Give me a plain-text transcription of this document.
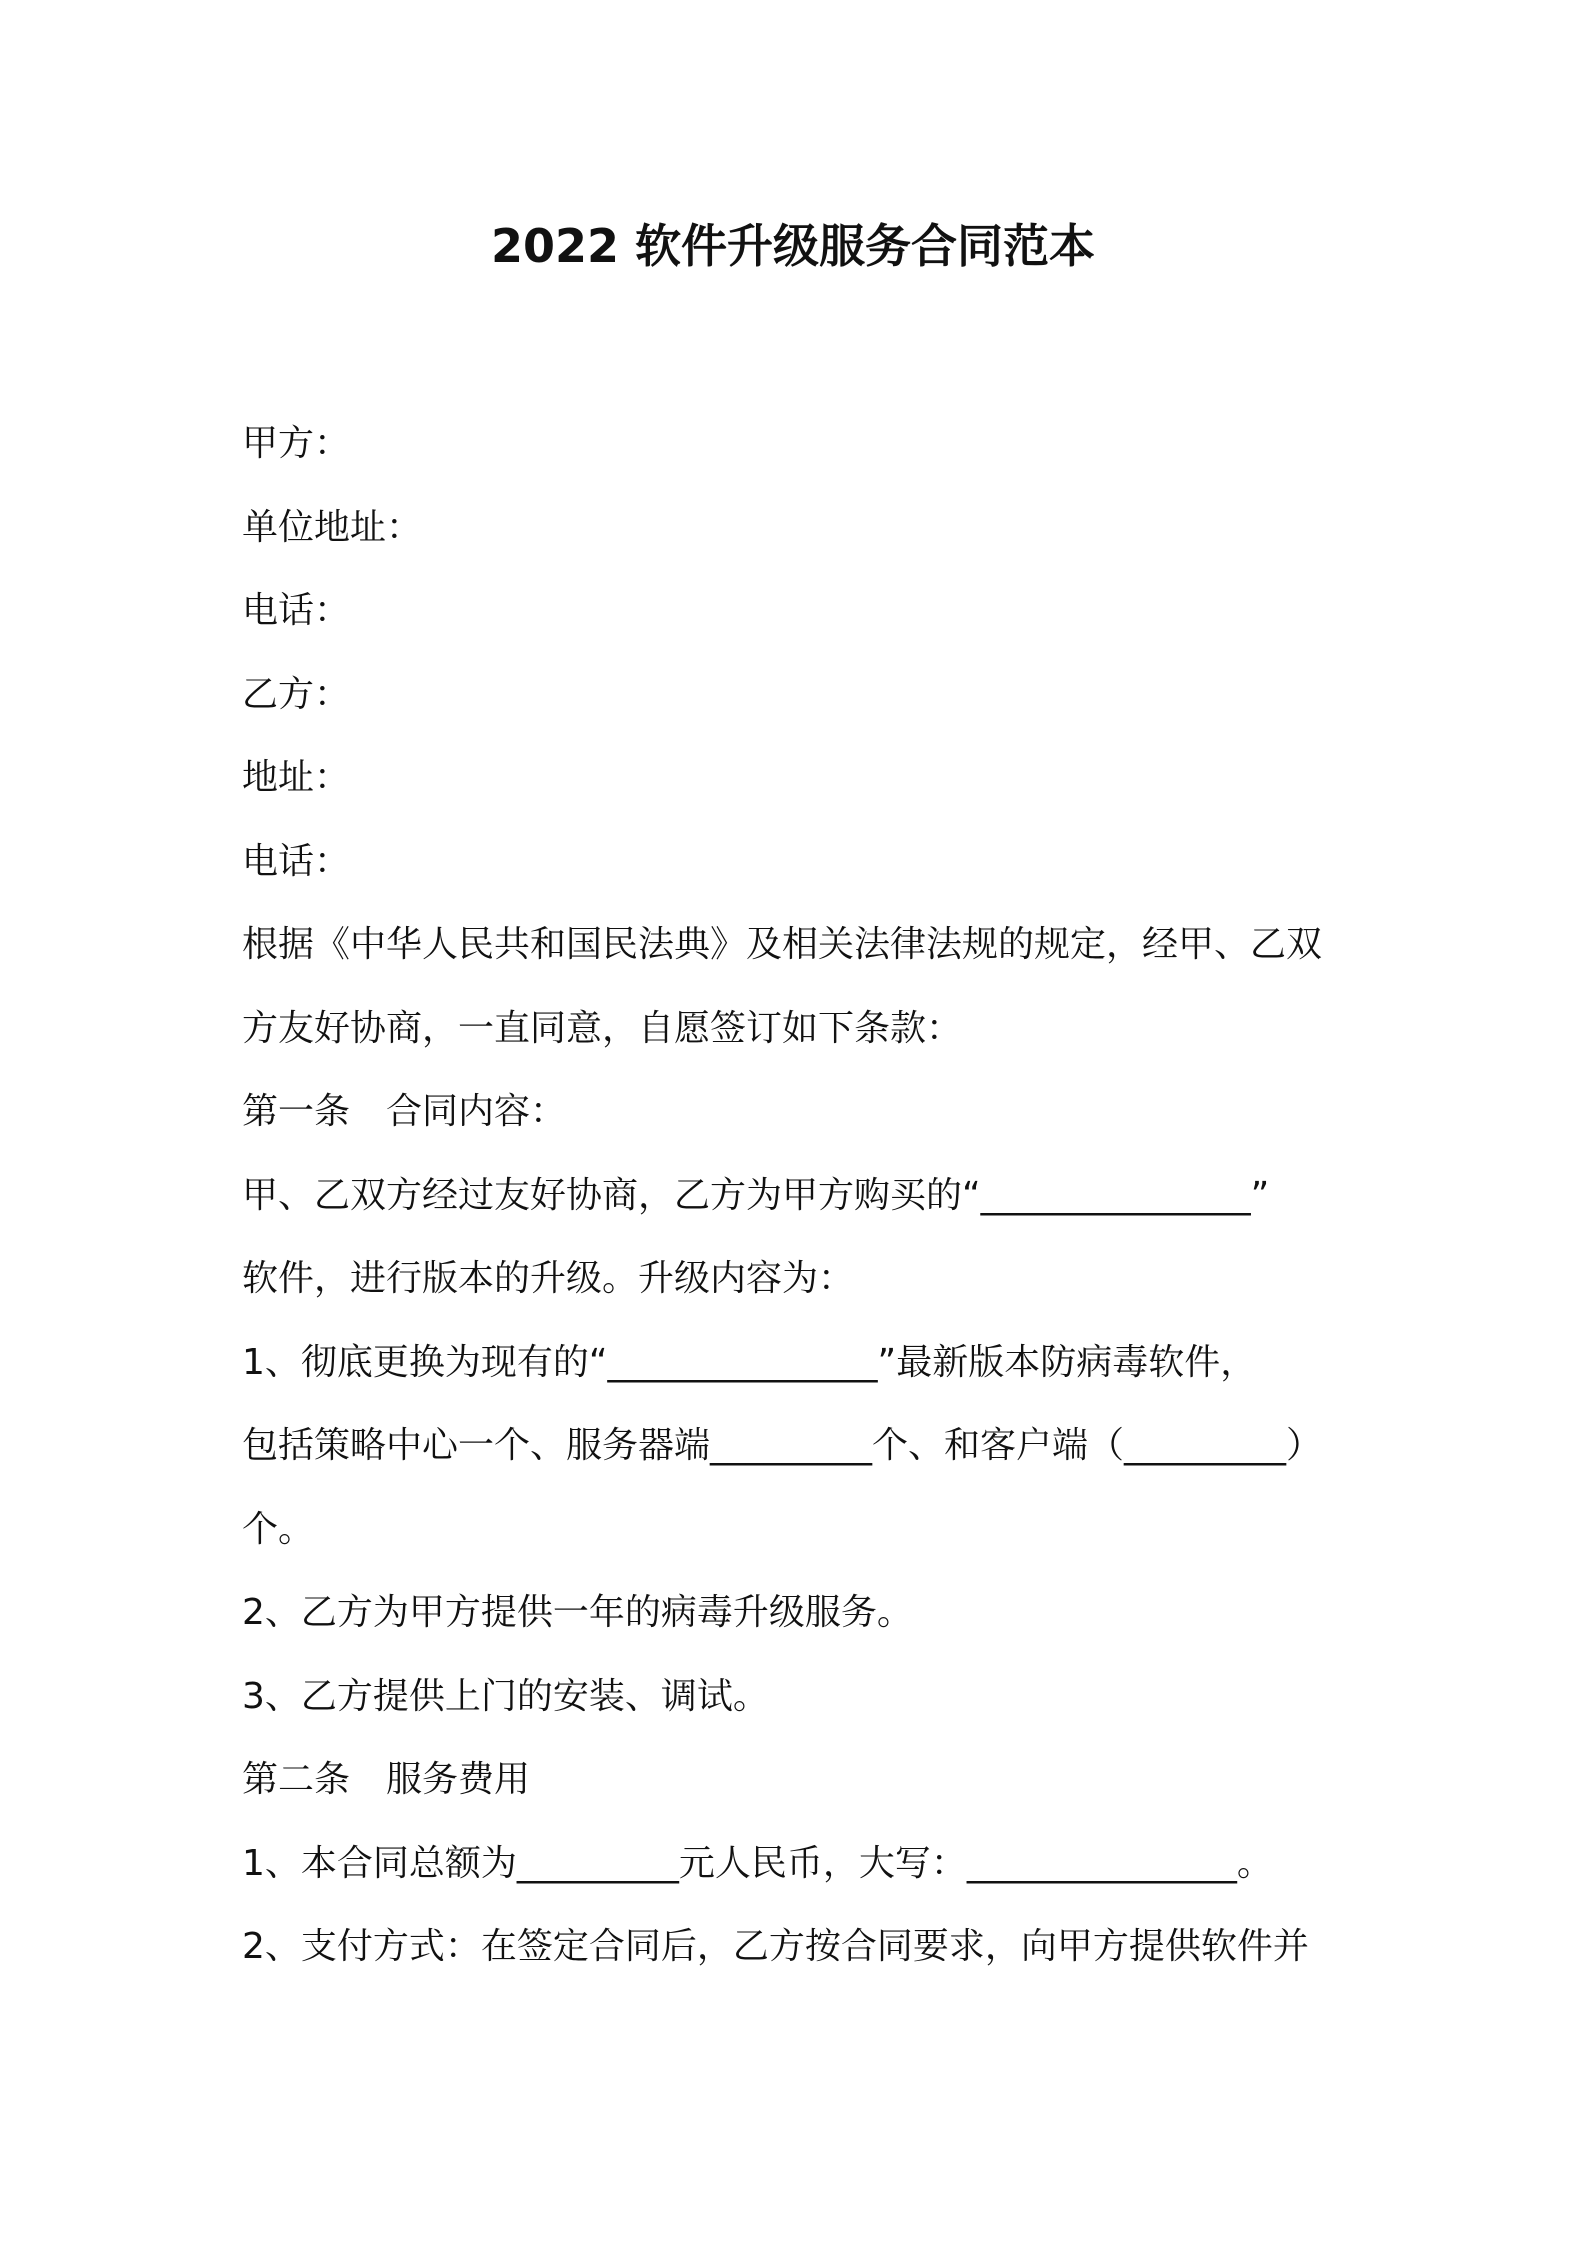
2022 软件升级服务合同范本
甲方：
单位地址：
电话：
乙方：
地址：
电话：
根据《中华人民共和国民法典》及相关法律法规的规定，经甲、乙双
方友好协商，一直同意，自愿签订如下条款：
第一条　合同内容：
甲、乙双方经过友好协商，乙方为甲方购买的“_______________”
软件，进行版本的升级。升级内容为：
1、彻底更换为现有的“_______________”最新版本防病毒软件，
包括策略中心一个、服务器端_________个、和客户端（_________）
个。
2、乙方为甲方提供一年的病毒升级服务。
3、乙方提供上门的安装、调试。
第二条　服务费用
1、本合同总额为_________元人民币，大写：_______________。
2、支付方式：在签定合同后，乙方按合同要求，向甲方提供软件并
